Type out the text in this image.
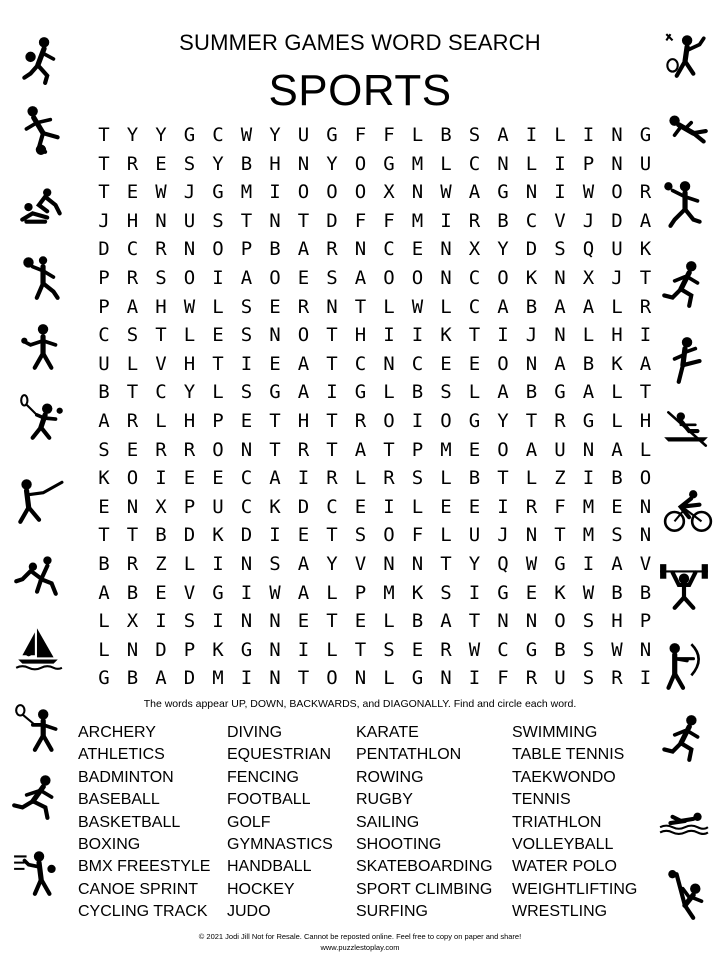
SUMMER GAMES WORD SEARCH
SPORTS
T Y Y G C W Y U G F F L B S A I L I N G
T R E S Y B H N Y O G M L C N L I P N U
T E W J G M I O O O X N W A G N I W O R
J H N U S T N T D F F M I R B C V J D A
D C R N O P B A R N C E N X Y D S Q U K
P R S O I A O E S A O O N C O K N X J T
P A H W L S E R N T L W L C A B A A L R
C S T L E S N O T H I I K T I J N L H I
U L V H T I E A T C N C E E O N A B K A
B T C Y L S G A I G L B S L A B G A L T
A R L H P E T H T R O I O G Y T R G L H
S E R R O N T R T A T P M E O A U N A L
K O I E E C A I R L R S L B T L Z I B O
E N X P U C K D C E I L E E I R F M E N
T T B D K D I E T S O F L U J N T M S N
B R Z L I N S A Y V N N T Y Q W G I A V
A B E V G I W A L P M K S I G E K W B B
L X I S I N N E T E L B A T N N O S H P
L N D P K G N I L T S E R W C G B S W N
G B A D M I N T O N L G N I F R U S R I
The words appear UP, DOWN, BACKWARDS, and DIAGONALLY. Find and circle each word.
ARCHERY
ATHLETICS
BADMINTON
BASEBALL
BASKETBALL
BOXING
BMX FREESTYLE
CANOE SPRINT
CYCLING TRACK
DIVING
EQUESTRIAN
FENCING
FOOTBALL
GOLF
GYMNASTICS
HANDBALL
HOCKEY
JUDO
KARATE
PENTATHLON
ROWING
RUGBY
SAILING
SHOOTING
SKATEBOARDING
SPORT CLIMBING
SURFING
SWIMMING
TABLE TENNIS
TAEKWONDO
TENNIS
TRIATHLON
VOLLEYBALL
WATER POLO
WEIGHTLIFTING
WRESTLING
© 2021 Jodi Jill Not for Resale. Cannot be reposted online. Feel free to copy on paper and share!
www.puzzlestoplay.com
